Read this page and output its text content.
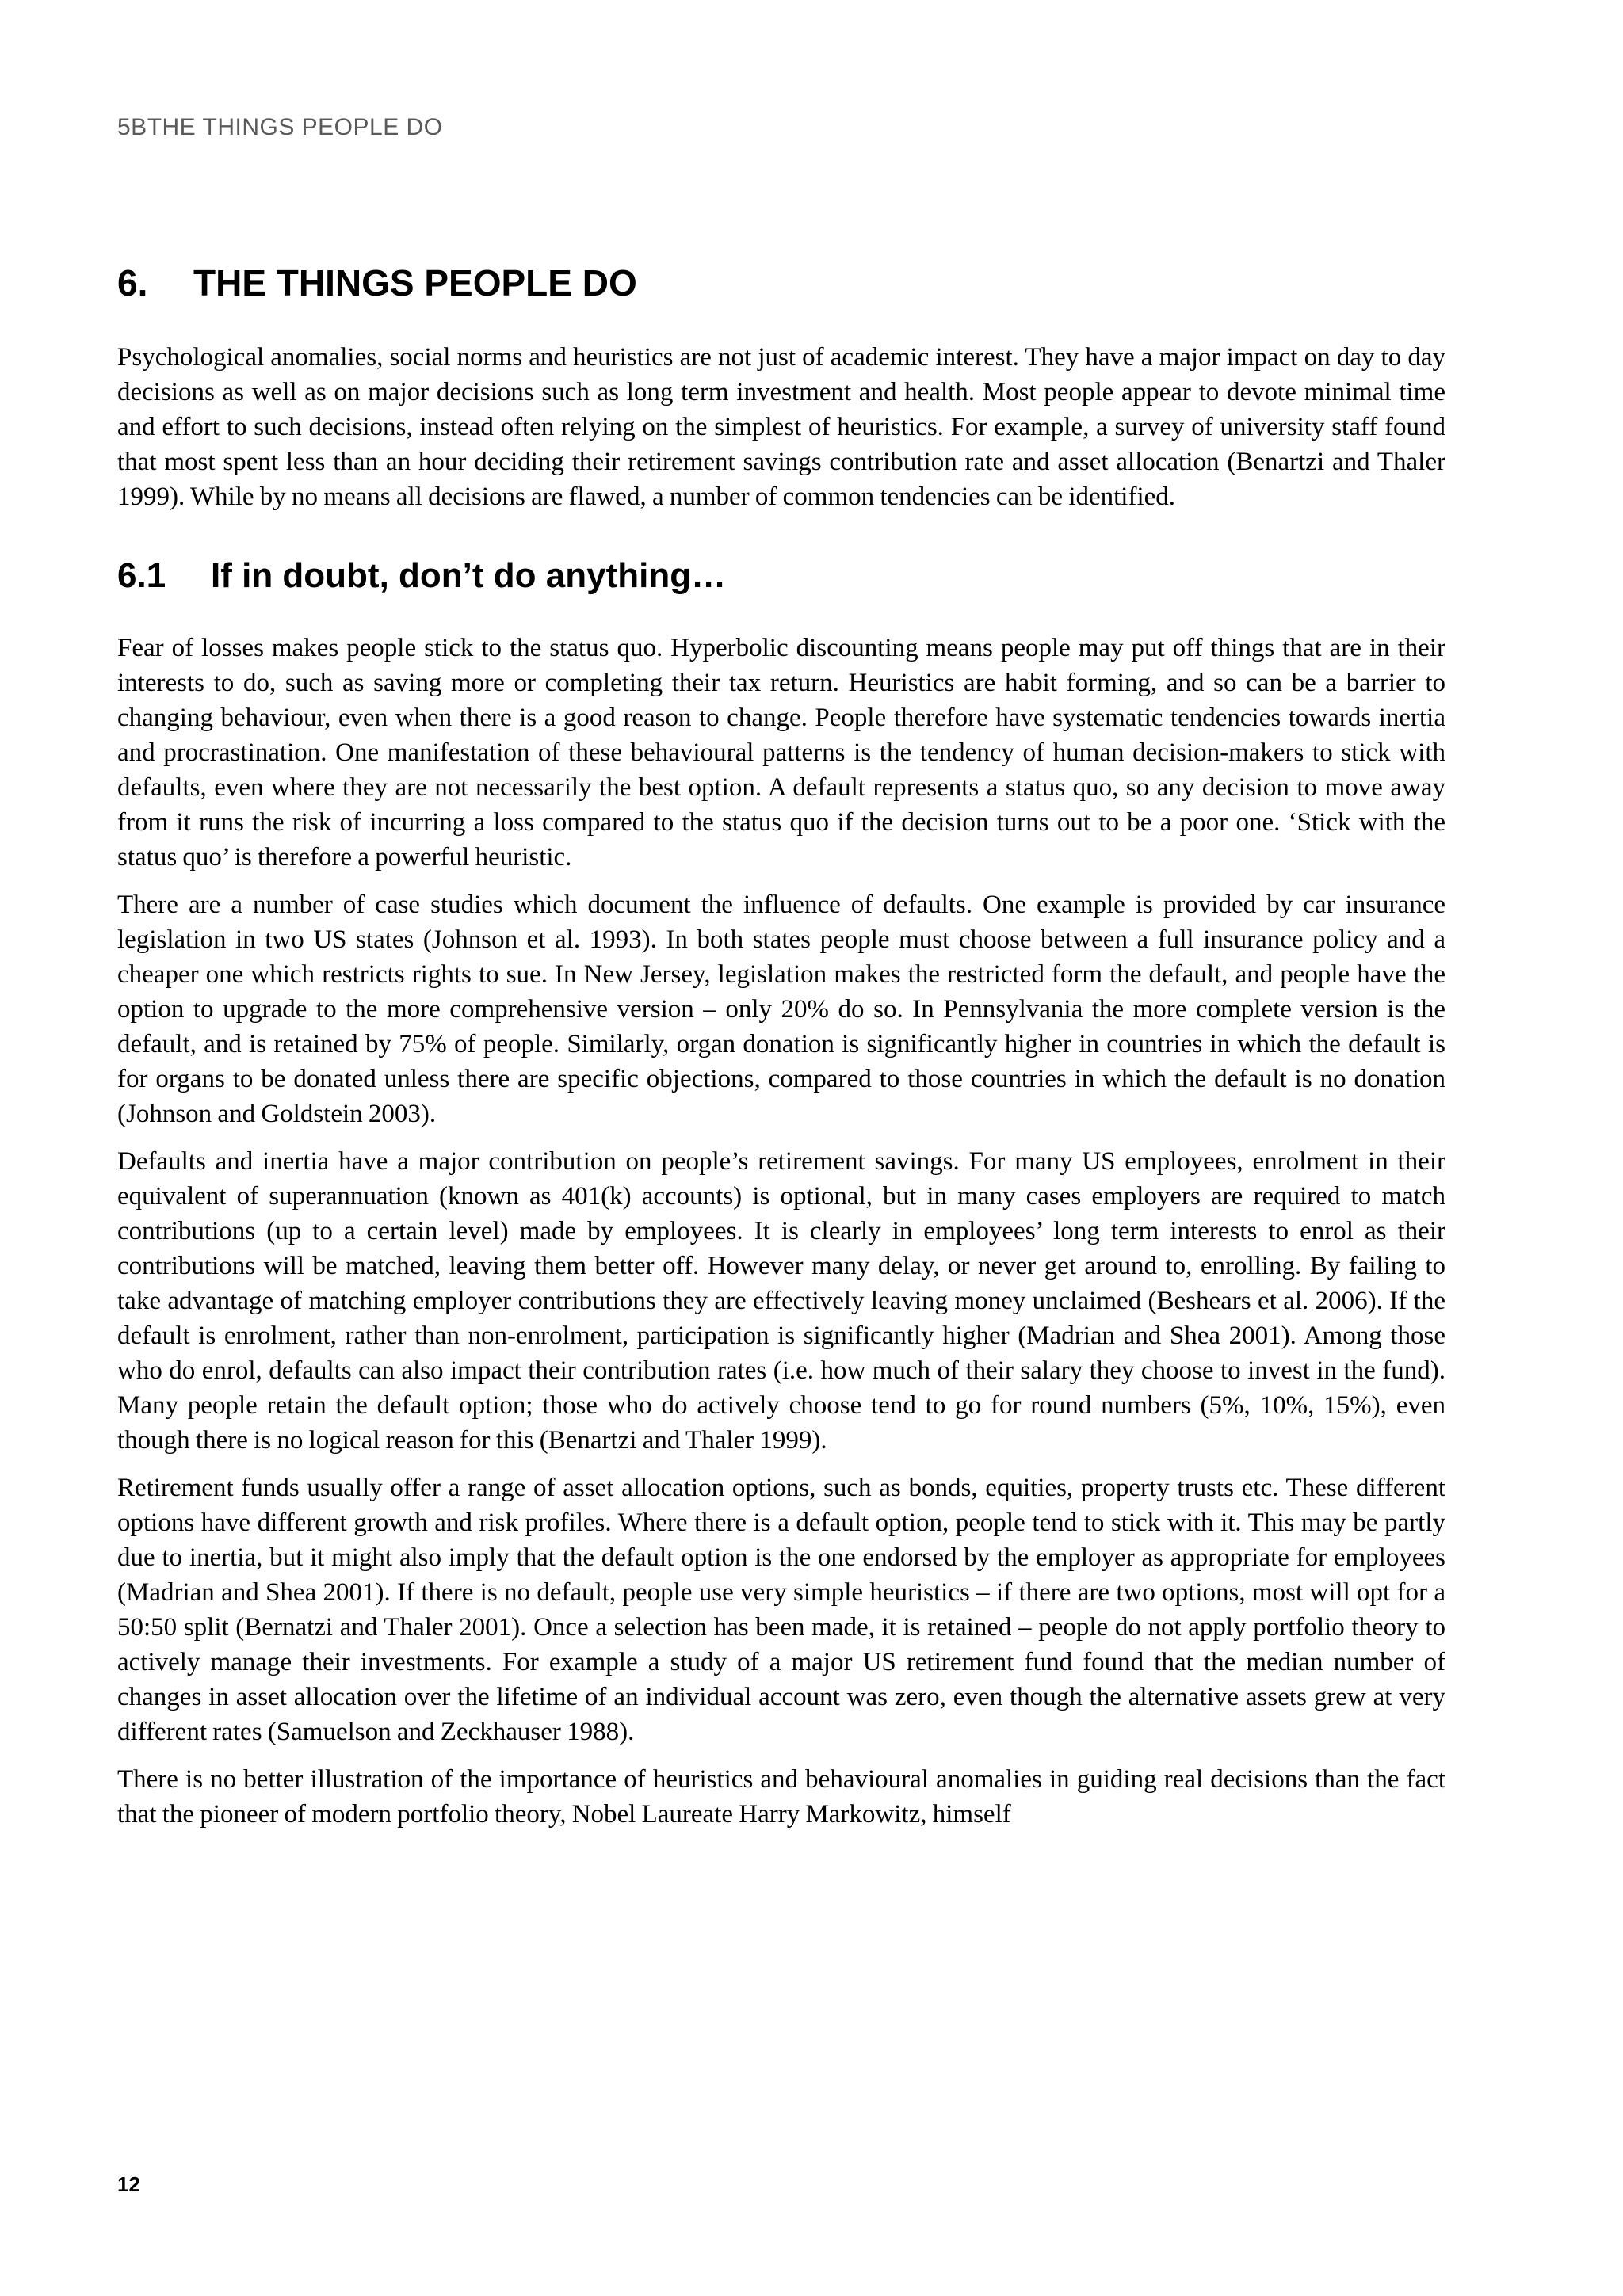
5BTHE THINGS PEOPLE DO
6. THE THINGS PEOPLE DO

Psychological anomalies, social norms and heuristics are not just of academic interest. They have a major impact on day to day decisions as well as on major decisions such as long term investment and health. Most people appear to devote minimal time and effort to such decisions, instead often relying on the simplest of heuristics. For example, a survey of university staff found that most spent less than an hour deciding their retirement savings contribution rate and asset allocation (Benartzi and Thaler 1999). While by no means all decisions are flawed, a number of common tendencies can be identified.

6.1 If in doubt, don’t do anything…

Fear of losses makes people stick to the status quo. Hyperbolic discounting means people may put off things that are in their interests to do, such as saving more or completing their tax return. Heuristics are habit forming, and so can be a barrier to changing behaviour, even when there is a good reason to change. People therefore have systematic tendencies towards inertia and procrastination. One manifestation of these behavioural patterns is the tendency of human decision-makers to stick with defaults, even where they are not necessarily the best option. A default represents a status quo, so any decision to move away from it runs the risk of incurring a loss compared to the status quo if the decision turns out to be a poor one. ‘Stick with the status quo’ is therefore a powerful heuristic.

There are a number of case studies which document the influence of defaults. One example is provided by car insurance legislation in two US states (Johnson et al. 1993). In both states people must choose between a full insurance policy and a cheaper one which restricts rights to sue. In New Jersey, legislation makes the restricted form the default, and people have the option to upgrade to the more comprehensive version – only 20% do so. In Pennsylvania the more complete version is the default, and is retained by 75% of people. Similarly, organ donation is significantly higher in countries in which the default is for organs to be donated unless there are specific objections, compared to those countries in which the default is no donation (Johnson and Goldstein 2003).

Defaults and inertia have a major contribution on people’s retirement savings. For many US employees, enrolment in their equivalent of superannuation (known as 401(k) accounts) is optional, but in many cases employers are required to match contributions (up to a certain level) made by employees. It is clearly in employees’ long term interests to enrol as their contributions will be matched, leaving them better off. However many delay, or never get around to, enrolling. By failing to take advantage of matching employer contributions they are effectively leaving money unclaimed (Beshears et al. 2006). If the default is enrolment, rather than non-enrolment, participation is significantly higher (Madrian and Shea 2001). Among those who do enrol, defaults can also impact their contribution rates (i.e. how much of their salary they choose to invest in the fund). Many people retain the default option; those who do actively choose tend to go for round numbers (5%, 10%, 15%), even though there is no logical reason for this (Benartzi and Thaler 1999).

Retirement funds usually offer a range of asset allocation options, such as bonds, equities, property trusts etc. These different options have different growth and risk profiles. Where there is a default option, people tend to stick with it. This may be partly due to inertia, but it might also imply that the default option is the one endorsed by the employer as appropriate for employees (Madrian and Shea 2001). If there is no default, people use very simple heuristics – if there are two options, most will opt for a 50:50 split (Bernatzi and Thaler 2001). Once a selection has been made, it is retained – people do not apply portfolio theory to actively manage their investments. For example a study of a major US retirement fund found that the median number of changes in asset allocation over the lifetime of an individual account was zero, even though the alternative assets grew at very different rates (Samuelson and Zeckhauser 1988).

There is no better illustration of the importance of heuristics and behavioural anomalies in guiding real decisions than the fact that the pioneer of modern portfolio theory, Nobel Laureate Harry Markowitz, himself

12
